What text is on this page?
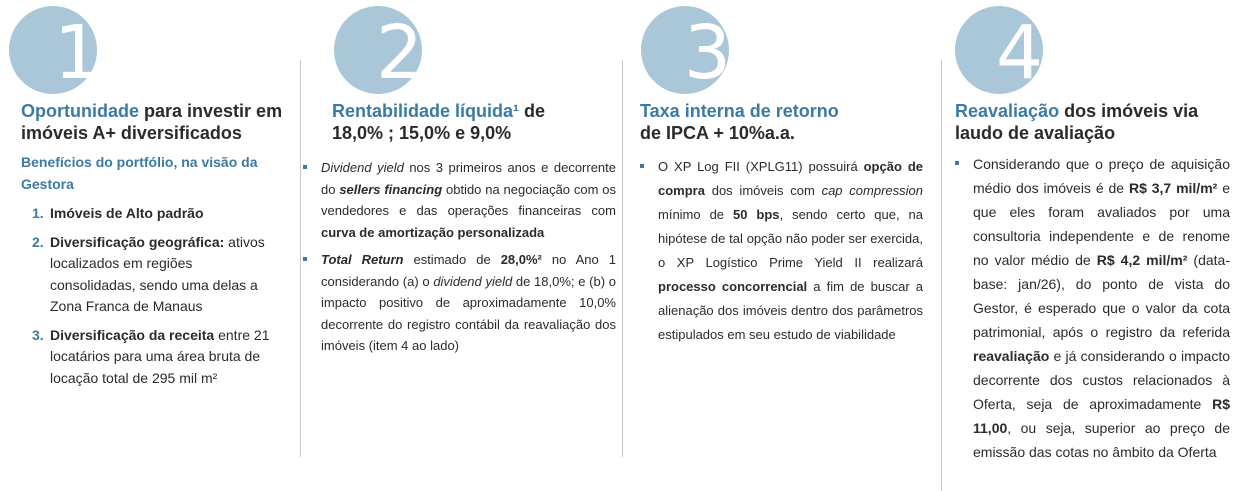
1
Oportunidade para investir em imóveis A+ diversificados
Benefícios do portfólio, na visão da Gestora
1. Imóveis de Alto padrão
2. Diversificação geográfica: ativos localizados em regiões consolidadas, sendo uma delas a Zona Franca de Manaus
3. Diversificação da receita entre 21 locatários para uma área bruta de locação total de 295 mil m²
2
Rentabilidade líquida¹ de 18,0% ; 15,0% e 9,0%
Dividend yield nos 3 primeiros anos e decorrente do sellers financing obtido na negociação com os vendedores e das operações financeiras com curva de amortização personalizada
Total Return estimado de 28,0%² no Ano 1 considerando (a) o dividend yield de 18,0%; e (b) o impacto positivo de aproximadamente 10,0% decorrente do registro contábil da reavaliação dos imóveis (item 4 ao lado)
3
Taxa interna de retorno
de IPCA + 10%a.a.
O XP Log FII (XPLG11) possuirá opção de compra dos imóveis com cap compression mínimo de 50 bps, sendo certo que, na hipótese de tal opção não poder ser exercida, o XP Logístico Prime Yield II realizará processo concorrencial a fim de buscar a alienação dos imóveis dentro dos parâmetros estipulados em seu estudo de viabilidade
4
Reavaliação dos imóveis via laudo de avaliação
Considerando que o preço de aquisição médio dos imóveis é de R$ 3,7 mil/m² e que eles foram avaliados por uma consultoria independente e de renome no valor médio de R$ 4,2 mil/m² (data-base: jan/26), do ponto de vista do Gestor, é esperado que o valor da cota patrimonial, após o registro da referida reavaliação e já considerando o impacto decorrente dos custos relacionados à Oferta, seja de aproximadamente R$ 11,00, ou seja, superior ao preço de emissão das cotas no âmbito da Oferta
